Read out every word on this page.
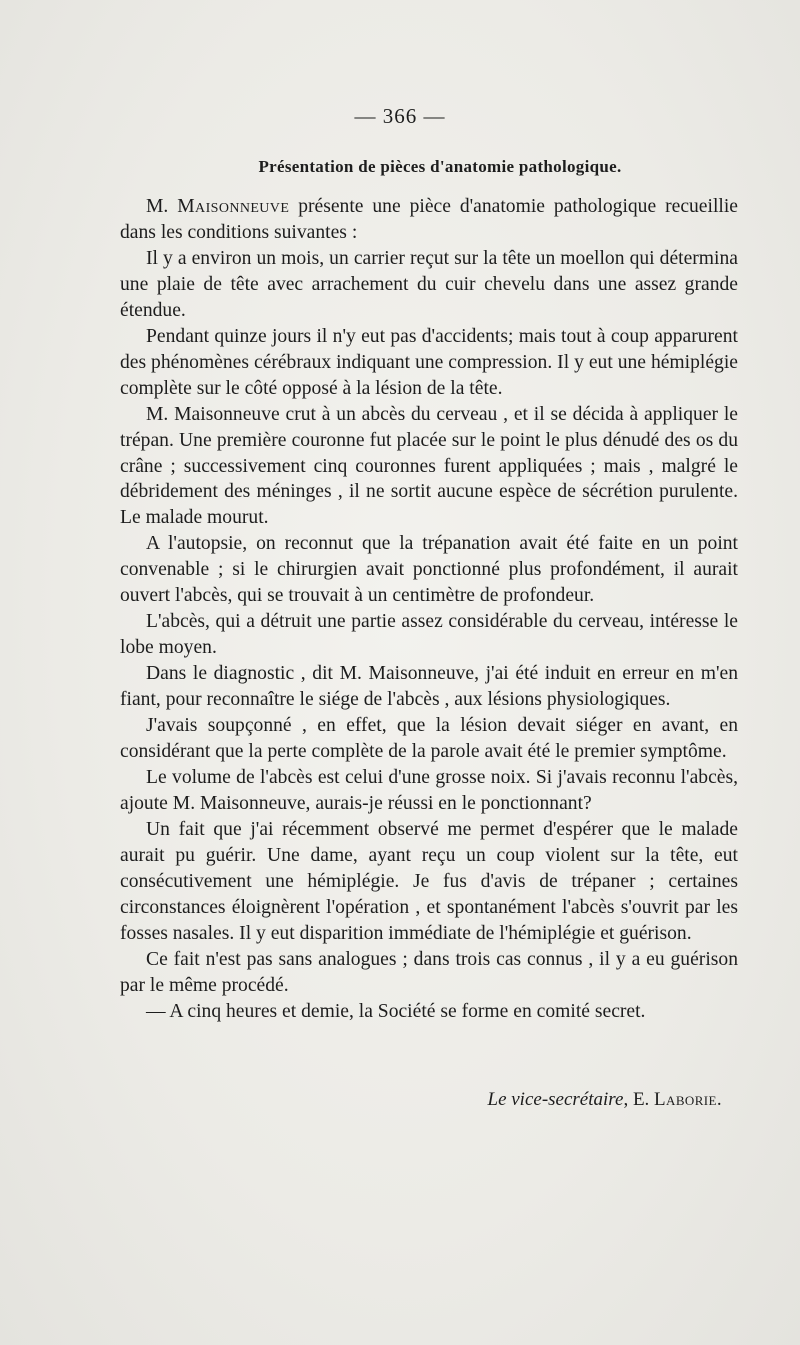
— 366 —
Présentation de pièces d'anatomie pathologique.

M. Maisonneuve présente une pièce d'anatomie pathologique recueillie dans les conditions suivantes :

Il y a environ un mois, un carrier reçut sur la tête un moellon qui détermina une plaie de tête avec arrachement du cuir chevelu dans une assez grande étendue.

Pendant quinze jours il n'y eut pas d'accidents; mais tout à coup apparurent des phénomènes cérébraux indiquant une compression. Il y eut une hémiplégie complète sur le côté opposé à la lésion de la tête.

M. Maisonneuve crut à un abcès du cerveau , et il se décida à appliquer le trépan. Une première couronne fut placée sur le point le plus dénudé des os du crâne ; successivement cinq couronnes furent appliquées ; mais , malgré le débridement des méninges , il ne sortit aucune espèce de sécrétion purulente. Le malade mourut.

A l'autopsie, on reconnut que la trépanation avait été faite en un point convenable ; si le chirurgien avait ponctionné plus profondément, il aurait ouvert l'abcès, qui se trouvait à un centimètre de profondeur.

L'abcès, qui a détruit une partie assez considérable du cerveau, intéresse le lobe moyen.

Dans le diagnostic , dit M. Maisonneuve, j'ai été induit en erreur en m'en fiant, pour reconnaître le siége de l'abcès , aux lésions physiologiques.

J'avais soupçonné , en effet, que la lésion devait siéger en avant, en considérant que la perte complète de la parole avait été le premier symptôme.

Le volume de l'abcès est celui d'une grosse noix. Si j'avais reconnu l'abcès, ajoute M. Maisonneuve, aurais-je réussi en le ponctionnant?

Un fait que j'ai récemment observé me permet d'espérer que le malade aurait pu guérir. Une dame, ayant reçu un coup violent sur la tête, eut consécutivement une hémiplégie. Je fus d'avis de trépaner ; certaines circonstances éloignèrent l'opération , et spontanément l'abcès s'ouvrit par les fosses nasales. Il y eut disparition immédiate de l'hémiplégie et guérison.

Ce fait n'est pas sans analogues ; dans trois cas connus , il y a eu guérison par le même procédé.

— A cinq heures et demie, la Société se forme en comité secret.

Le vice-secrétaire, E. Laborie.
